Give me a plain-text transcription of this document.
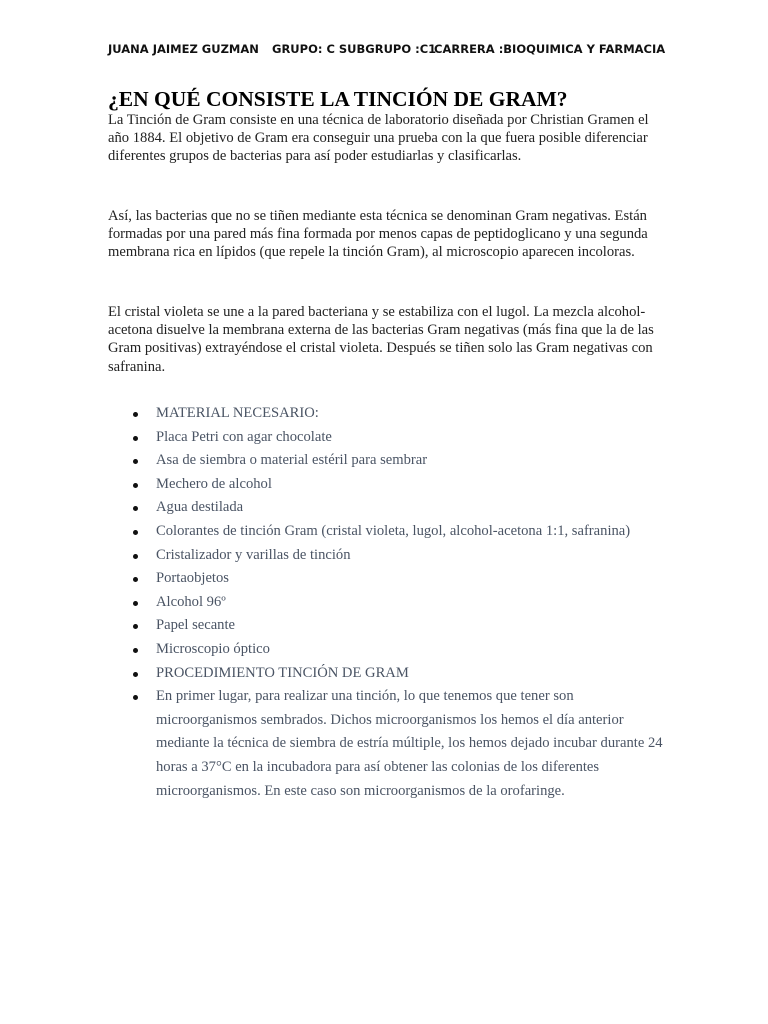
JUANA JAIMEZ GUZMAN GRUPO: C SUBGRUPO :C1 CARRERA :BIOQUIMICA Y FARMACIA
¿EN QUÉ CONSISTE LA TINCIÓN DE GRAM?

La Tinción de Gram consiste en una técnica de laboratorio diseñada por Christian Gramen el año 1884. El objetivo de Gram era conseguir una prueba con la que fuera posible diferenciar diferentes grupos de bacterias para así poder estudiarlas y clasificarlas.

Así, las bacterias que no se tiñen mediante esta técnica se denominan Gram negativas. Están formadas por una pared más fina formada por menos capas de peptidoglicano y una segunda membrana rica en lípidos (que repele la tinción Gram), al microscopio aparecen incoloras.

El cristal violeta se une a la pared bacteriana y se estabiliza con el lugol. La mezcla alcohol-acetona disuelve la membrana externa de las bacterias Gram negativas (más fina que la de las Gram positivas) extrayéndose el cristal violeta. Después se tiñen solo las Gram negativas con safranina.

MATERIAL NECESARIO:
Placa Petri con agar chocolate
Asa de siembra o material estéril para sembrar
Mechero de alcohol
Agua destilada
Colorantes de tinción Gram (cristal violeta, lugol, alcohol-acetona 1:1, safranina)
Cristalizador y varillas de tinción
Portaobjetos
Alcohol 96º
Papel secante
Microscopio óptico
PROCEDIMIENTO TINCIÓN DE GRAM
En primer lugar, para realizar una tinción, lo que tenemos que tener son microorganismos sembrados. Dichos microorganismos los hemos el día anterior mediante la técnica de siembra de estría múltiple, los hemos dejado incubar durante 24 horas a 37°C en la incubadora para así obtener las colonias de los diferentes microorganismos. En este caso son microorganismos de la orofaringe.
